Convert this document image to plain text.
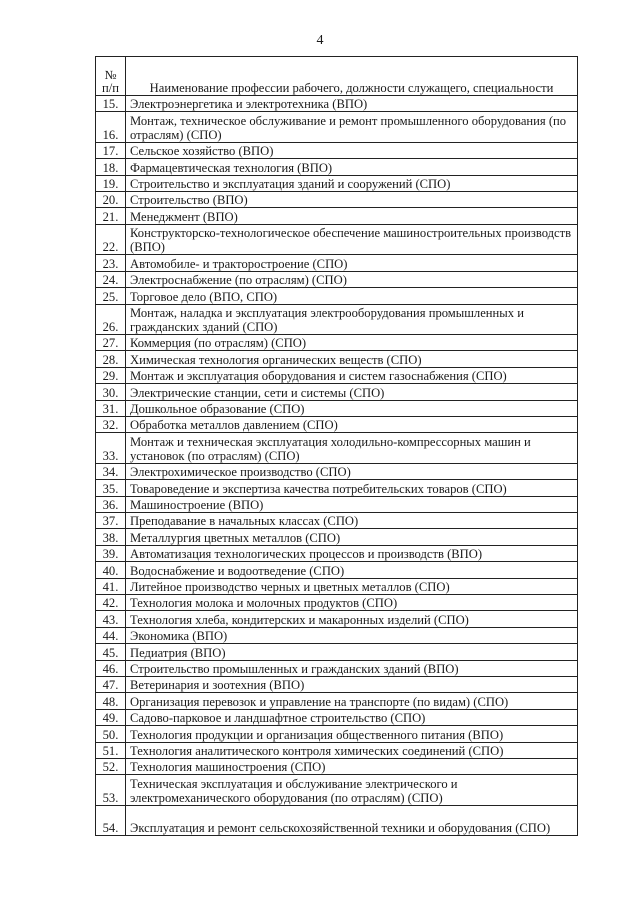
4
№
п/п	Наименование профессии рабочего, должности служащего, специальности
15.	Электроэнергетика и электротехника (ВПО)
16.	Монтаж, техническое обслуживание и ремонт промышленного оборудования (по отраслям) (СПО)
17.	Сельское хозяйство (ВПО)
18.	Фармацевтическая технология (ВПО)
19.	Строительство и эксплуатация зданий и сооружений (СПО)
20.	Строительство (ВПО)
21.	Менеджмент (ВПО)
22.	Конструкторско-технологическое обеспечение машиностроительных производств (ВПО)
23.	Автомобиле- и тракторостроение (СПО)
24.	Электроснабжение (по отраслям) (СПО)
25.	Торговое дело (ВПО, СПО)
26.	Монтаж, наладка и эксплуатация электрооборудования промышленных и гражданских зданий (СПО)
27.	Коммерция (по отраслям) (СПО)
28.	Химическая технология органических веществ (СПО)
29.	Монтаж и эксплуатация оборудования и систем газоснабжения (СПО)
30.	Электрические станции, сети и системы (СПО)
31.	Дошкольное образование (СПО)
32.	Обработка металлов давлением (СПО)
33.	Монтаж и техническая эксплуатация холодильно-компрессорных машин и установок (по отраслям) (СПО)
34.	Электрохимическое производство (СПО)
35.	Товароведение и экспертиза качества потребительских товаров (СПО)
36.	Машиностроение (ВПО)
37.	Преподавание в начальных классах (СПО)
38.	Металлургия цветных металлов (СПО)
39.	Автоматизация технологических процессов и производств (ВПО)
40.	Водоснабжение и водоотведение (СПО)
41.	Литейное производство черных и цветных металлов (СПО)
42.	Технология молока и молочных продуктов (СПО)
43.	Технология хлеба, кондитерских и макаронных изделий (СПО)
44.	Экономика (ВПО)
45.	Педиатрия (ВПО)
46.	Строительство промышленных и гражданских зданий (ВПО)
47.	Ветеринария и зоотехния (ВПО)
48.	Организация перевозок и управление на транспорте (по видам) (СПО)
49.	Садово-парковое и ландшафтное строительство (СПО)
50.	Технология продукции и организация общественного питания (ВПО)
51.	Технология аналитического контроля химических соединений (СПО)
52.	Технология машиностроения (СПО)
53.	Техническая эксплуатация и обслуживание электрического и электромеханического оборудования (по отраслям) (СПО)
54.	Эксплуатация и ремонт сельскохозяйственной техники и оборудования (СПО)
